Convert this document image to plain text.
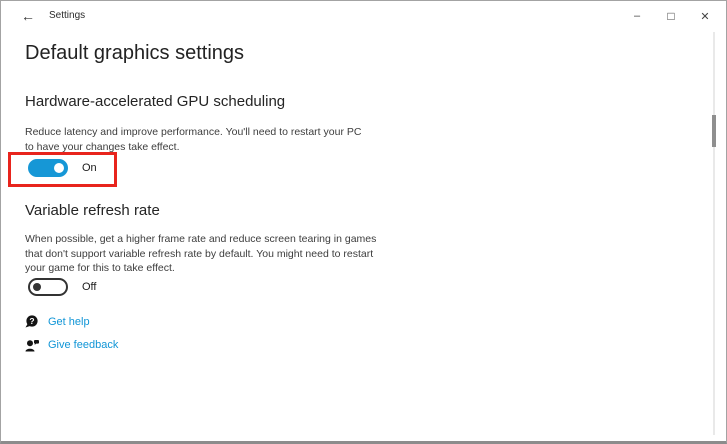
← Settings	– □ ✕
Default graphics settings
Hardware-accelerated GPU scheduling
Reduce latency and improve performance. You'll need to restart your PC to have your changes take effect.
On
Variable refresh rate
When possible, get a higher frame rate and reduce screen tearing in games that don't support variable refresh rate by default. You might need to restart your game for this to take effect.
Off
? Get help
Give feedback
